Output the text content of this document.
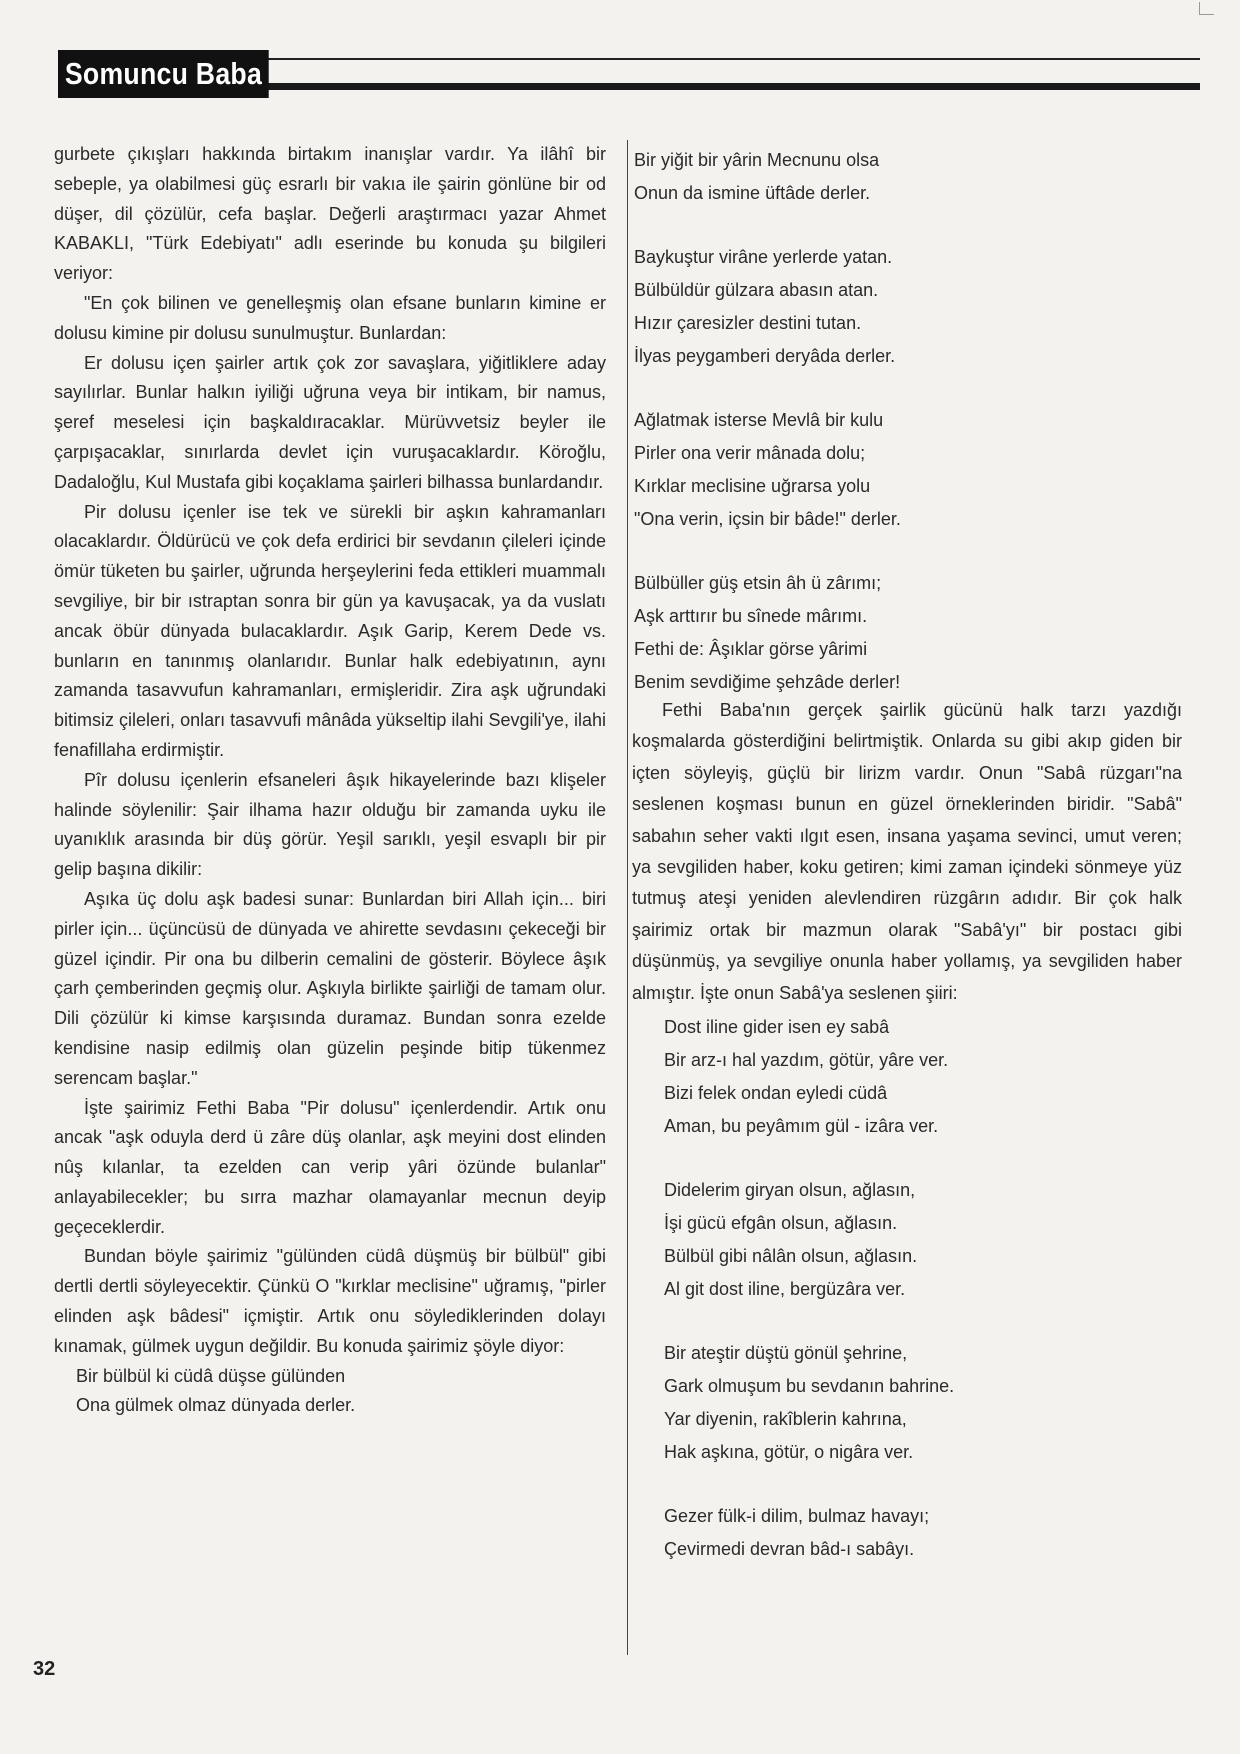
Somuncu Baba

gurbete çıkışları hakkında birtakım inanışlar vardır. Ya ilâhî bir sebeple, ya olabilmesi güç esrarlı bir vakıa ile şairin gönlüne bir od düşer, dil çözülür, cefa başlar. Değerli araştırmacı yazar Ahmet KABAKLI, "Türk Edebiyatı" adlı eserinde bu konuda şu bilgileri veriyor:

"En çok bilinen ve genelleşmiş olan efsane bunların kimine er dolusu kimine pir dolusu sunulmuştur. Bunlardan:

Er dolusu içen şairler artık çok zor savaşlara, yiğitliklere aday sayılırlar. Bunlar halkın iyiliği uğruna veya bir intikam, bir namus, şeref meselesi için başkaldıracaklar. Mürüvvetsiz beyler ile çarpışacaklar, sınırlarda devlet için vuruşacaklardır. Köroğlu, Dadaloğlu, Kul Mustafa gibi koçaklama şairleri bilhassa bunlardandır.

Pir dolusu içenler ise tek ve sürekli bir aşkın kahramanları olacaklardır. Öldürücü ve çok defa erdirici bir sevdanın çileleri içinde ömür tüketen bu şairler, uğrunda herşeylerini feda ettikleri muammalı sevgiliye, bir bir ıstraptan sonra bir gün ya kavuşacak, ya da vuslatı ancak öbür dünyada bulacaklardır. Aşık Garip, Kerem Dede vs. bunların en tanınmış olanlarıdır. Bunlar halk edebiyatının, aynı zamanda tasavvufun kahramanları, ermişleridir. Zira aşk uğrundaki bitimsiz çileleri, onları tasavvufi mânâda yükseltip ilahi Sevgili'ye, ilahi fenafillaha erdirmiştir.

Pîr dolusu içenlerin efsaneleri âşık hikayelerinde bazı klişeler halinde söylenilir: Şair ilhama hazır olduğu bir zamanda uyku ile uyanıklık arasında bir düş görür. Yeşil sarıklı, yeşil esvaplı bir pir gelip başına dikilir:

Aşıka üç dolu aşk badesi sunar: Bunlardan biri Allah için... biri pirler için... üçüncüsü de dünyada ve ahirette sevdasını çekeceği bir güzel içindir. Pir ona bu dilberin cemalini de gösterir. Böylece âşık çarh çemberinden geçmiş olur. Aşkıyla birlikte şairliği de tamam olur. Dili çözülür ki kimse karşısında duramaz. Bundan sonra ezelde kendisine nasip edilmiş olan güzelin peşinde bitip tükenmez serencam başlar."

İşte şairimiz Fethi Baba "Pir dolusu" içenlerdendir. Artık onu ancak "aşk oduyla derd ü zâre düş olanlar, aşk meyini dost elinden nûş kılanlar, ta ezelden can verip yâri özünde bulanlar" anlayabilecekler; bu sırra mazhar olamayanlar mecnun deyip geçeceklerdir.

Bundan böyle şairimiz "gülünden cüdâ düşmüş bir bülbül" gibi dertli dertli söyleyecektir. Çünkü O "kırklar meclisine" uğramış, "pirler elinden aşk bâdesi" içmiştir. Artık onu söylediklerinden dolayı kınamak, gülmek uygun değildir. Bu konuda şairimiz şöyle diyor:

Bir bülbül ki cüdâ düşse gülünden
Ona gülmek olmaz dünyada derler.
Bir yiğit bir yârin Mecnunu olsa
Onun da ismine üftâde derler.
Baykuştur virâne yerlerde yatan.
Bülbüldür gülzara abasın atan.
Hızır çaresizler destini tutan.
İlyas peygamberi deryâda derler.
Ağlatmak isterse Mevlâ bir kulu
Pirler ona verir mânada dolu;
Kırklar meclisine uğrarsa yolu
"Ona verin, içsin bir bâde!" derler.
Bülbüller güş etsin âh ü zârımı;
Aşk arttırır bu sînede mârımı.
Fethi de: Âşıklar görse yârimi
Benim sevdiğime şehzâde derler!

Fethi Baba'nın gerçek şairlik gücünü halk tarzı yazdığı koşmalarda gösterdiğini belirtmiştik. Onlarda su gibi akıp giden bir içten söyleyiş, güçlü bir lirizm vardır. Onun "Sabâ rüzgarı"na seslenen koşması bunun en güzel örneklerinden biridir. "Sabâ" sabahın seher vakti ılgıt esen, insana yaşama sevinci, umut veren; ya sevgiliden haber, koku getiren; kimi zaman içindeki sönmeye yüz tutmuş ateşi yeniden alevlendiren rüzgârın adıdır. Bir çok halk şairimiz ortak bir mazmun olarak "Sabâ'yı" bir postacı gibi düşünmüş, ya sevgiliye onunla haber yollamış, ya sevgiliden haber almıştır. İşte onun Sabâ'ya seslenen şiiri:

Dost iline gider isen ey sabâ
Bir arz-ı hal yazdım, götür, yâre ver.
Bizi felek ondan eyledi cüdâ
Aman, bu peyâmım gül - izâra ver.
Didelerim giryan olsun, ağlasın,
İşi gücü efgân olsun, ağlasın.
Bülbül gibi nâlân olsun, ağlasın.
Al git dost iline, bergüzâra ver.
Bir ateştir düştü gönül şehrine,
Gark olmuşum bu sevdanın bahrine.
Yar diyenin, rakîblerin kahrına,
Hak aşkına, götür, o nigâra ver.
Gezer fülk-i dilim, bulmaz havayı;
Çevirmedi devran bâd-ı sabâyı.
32
